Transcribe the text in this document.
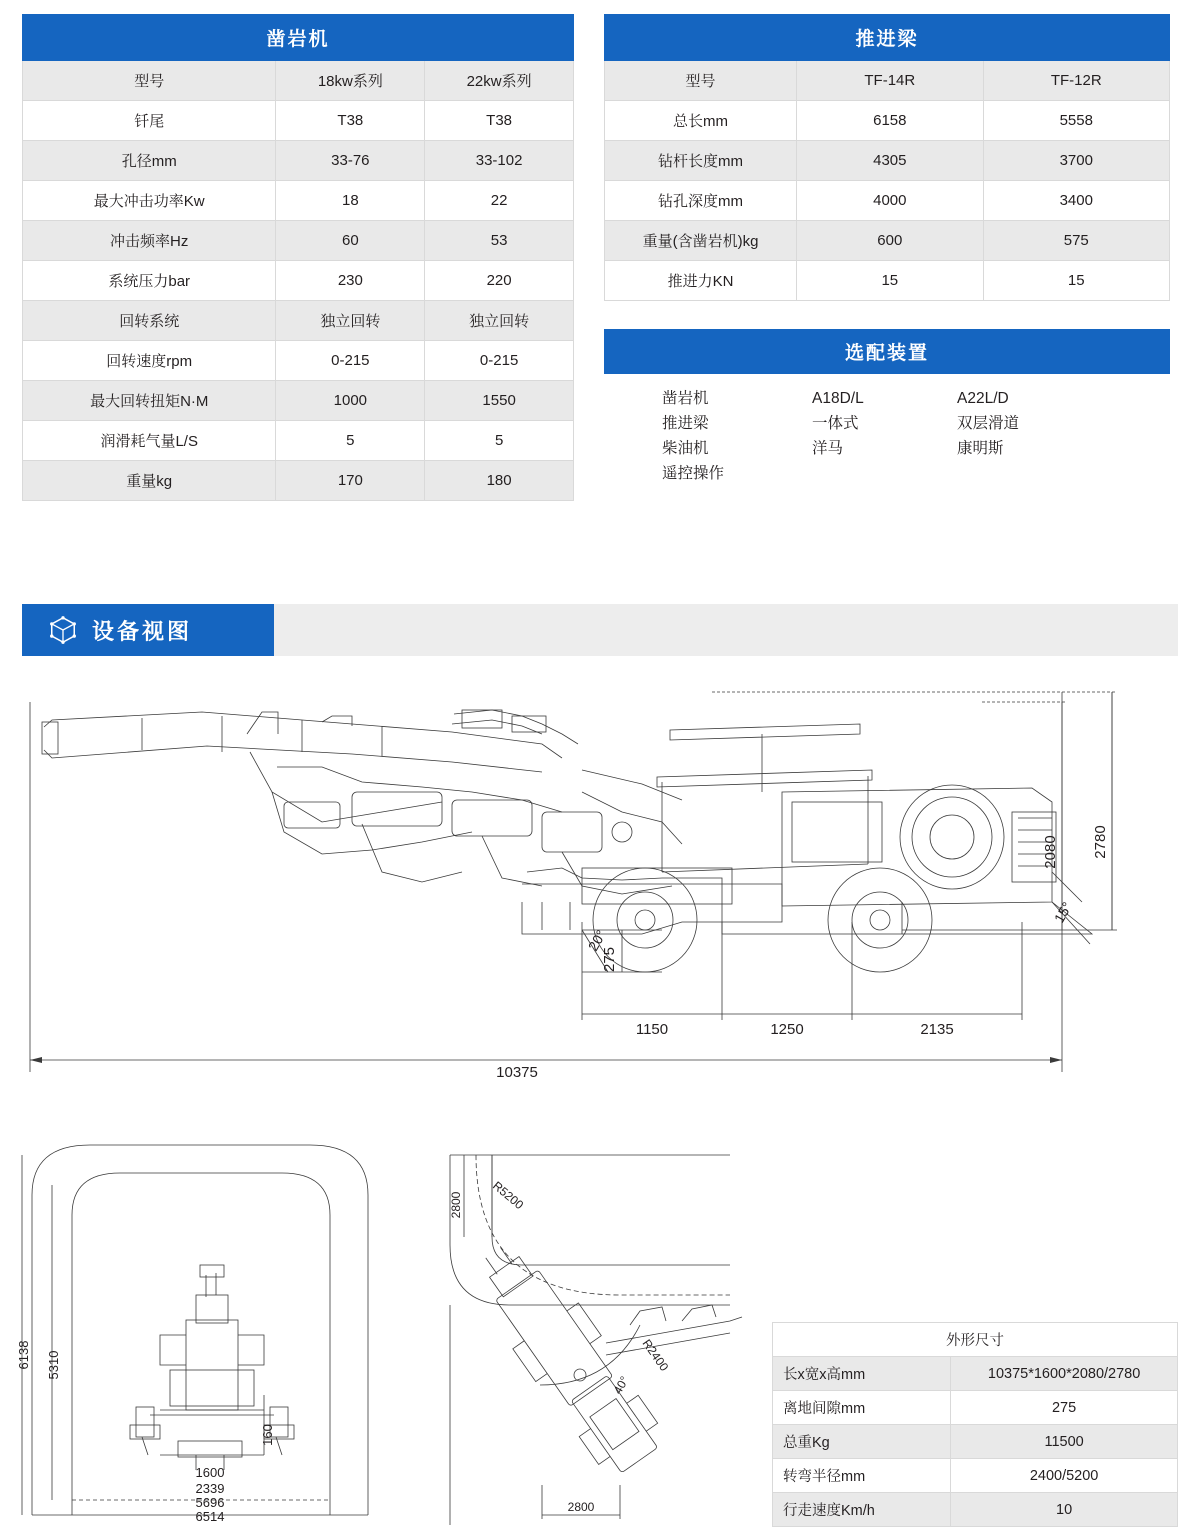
凿岩机		
型号	18kw系列	22kw系列
钎尾	T38	T38
孔径mm	33-76	33-102
最大冲击功率Kw	18	22
冲击频率Hz	60	53
系统压力bar	230	220
回转系统	独立回转	独立回转
回转速度rpm	0-215	0-215
最大回转扭矩N·M	1000	1550
润滑耗气量L/S	5	5
重量kg	170	180
推进梁		
型号	TF-14R	TF-12R
总长mm	6158	5558
钻杆长度mm	4305	3700
钻孔深度mm	4000	3400
重量(含凿岩机)kg	600	575
推进力KN	15	15
选配装置
凿岩机	A18D/L	A22L/D
推进梁	一体式	双层滑道
柴油机	洋马	康明斯
遥控操作
设备视图
10375
1150	1250	2135
275
2080 2780
20°
15°
6138 5310
160
1600
2339
5696
6514
2800 R5200
R2400
40°
2800
外形尺寸	
长x宽x高mm	10375*1600*2080/2780
离地间隙mm	275
总重Kg	11500
转弯半径mm	2400/5200
行走速度Km/h	10
